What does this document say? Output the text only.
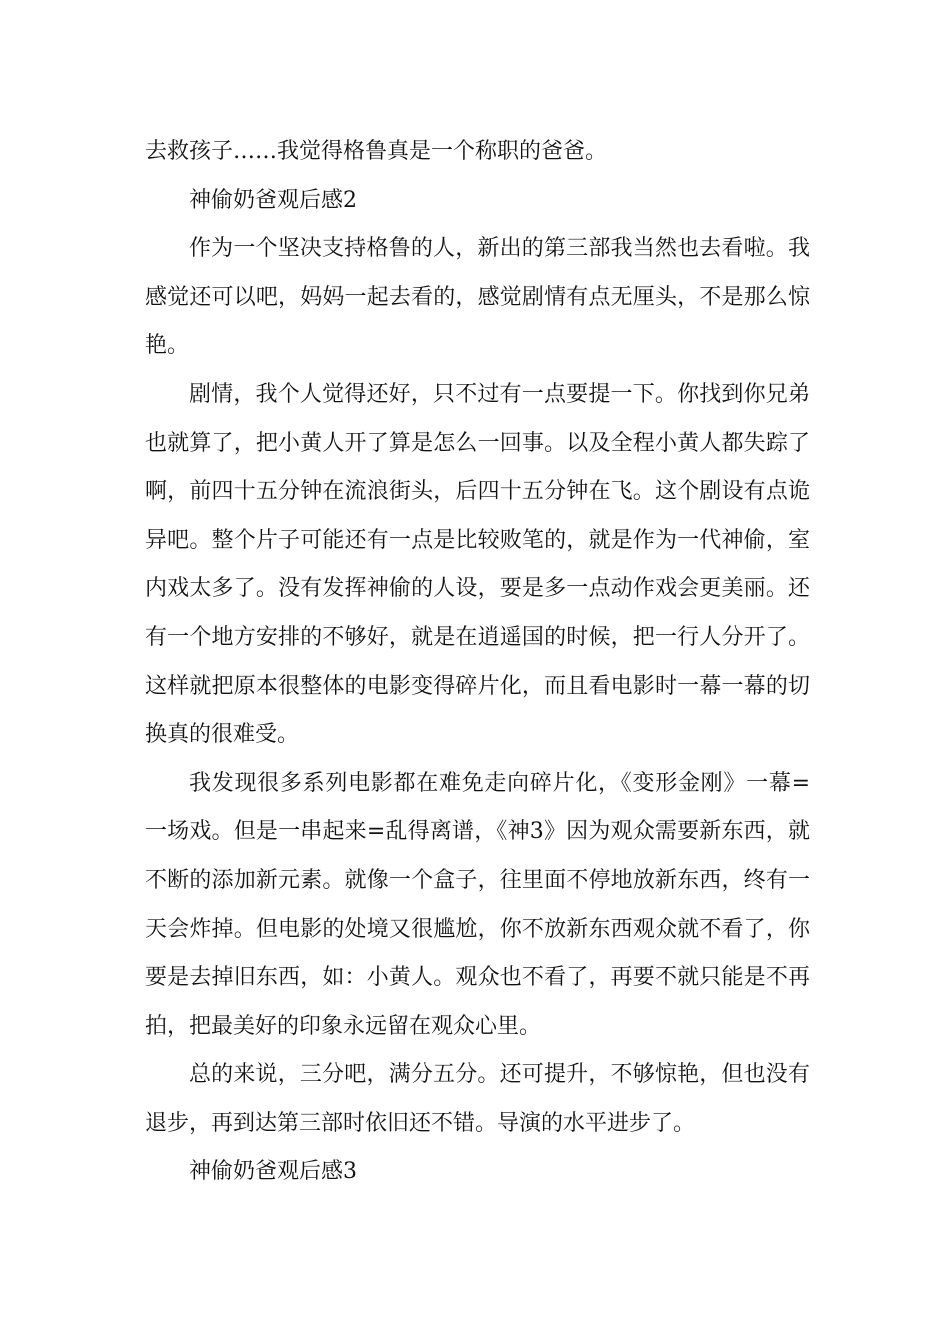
去救孩子……我觉得格鲁真是一个称职的爸爸。

神偷奶爸观后感2

作为一个坚决支持格鲁的人，新出的第三部我当然也去看啦。我感觉还可以吧，妈妈一起去看的，感觉剧情有点无厘头，不是那么惊艳。

剧情，我个人觉得还好，只不过有一点要提一下。你找到你兄弟也就算了，把小黄人开了算是怎么一回事。以及全程小黄人都失踪了啊，前四十五分钟在流浪街头，后四十五分钟在飞。这个剧设有点诡异吧。整个片子可能还有一点是比较败笔的，就是作为一代神偷，室内戏太多了。没有发挥神偷的人设，要是多一点动作戏会更美丽。还有一个地方安排的不够好，就是在逍遥国的时候，把一行人分开了。这样就把原本很整体的电影变得碎片化，而且看电影时一幕一幕的切换真的很难受。

我发现很多系列电影都在难免走向碎片化，《变形金刚》一幕=一场戏。但是一串起来=乱得离谱，《神3》因为观众需要新东西，就不断的添加新元素。就像一个盒子，往里面不停地放新东西，终有一天会炸掉。但电影的处境又很尴尬，你不放新东西观众就不看了，你要是去掉旧东西，如：小黄人。观众也不看了，再要不就只能是不再拍，把最美好的印象永远留在观众心里。

总的来说，三分吧，满分五分。还可提升，不够惊艳，但也没有退步，再到达第三部时依旧还不错。导演的水平进步了。

神偷奶爸观后感3
